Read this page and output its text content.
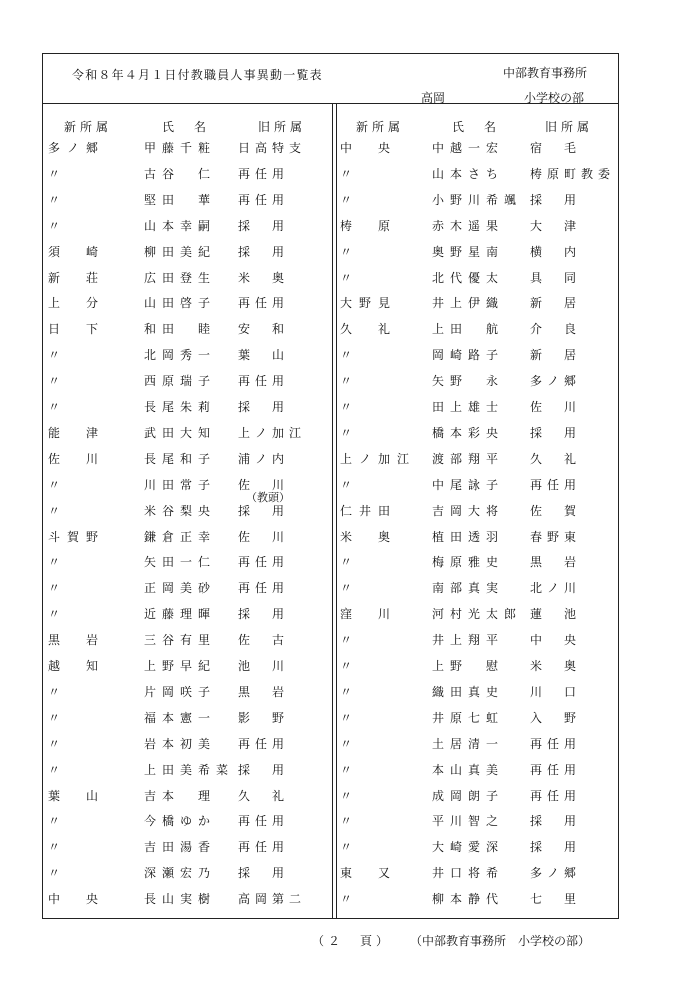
令和８年４月１日付教職員人事異動一覧表	中部教育事務所
高岡	小学校の部
新所属	氏　名	旧所属	新所属	氏　名	旧所属
多ノ郷	甲藤千粧 日高特支
〃	古谷　仁 再任用
〃	堅田　華 再任用
〃	山本幸嗣 採　用
須　崎	柳田美紀 採　用
新　荘	広田登生 米　奥
上　分	山田啓子 再任用
日　下	和田　睦 安　和
〃	北岡秀一 葉　山
〃	西原瑞子 再任用
〃	長尾朱莉 採　用
能　津	武田大知 上ノ加江
佐　川	長尾和子 浦ノ内
〃	川田常子 佐　川
〃	米谷梨央 採　用
斗賀野	鎌倉正幸 佐　川
〃	矢田一仁 再任用
〃	正岡美砂 再任用
〃	近藤理暉 採　用
黒　岩	三谷有里 佐　古
越　知	上野早紀 池　川
〃	片岡咲子 黒　岩
〃	福本憲一 影　野
〃	岩本初美 再任用
〃	上田美希菜 採　用
葉　山	吉本　理 久　礼
〃	今橋ゆか 再任用
〃	吉田湯香 再任用
〃	深瀬宏乃 採　用
中　央	長山実樹 高岡第二
中　央	中越一宏 宿　毛
〃	山本さち 梼原町教委
〃	小野川希颯 採　用
梼　原	赤木遥果 大　津
〃	奥野星南 横　内
〃	北代優太 具　同
大野見	井上伊織 新　居
久　礼	上田　航 介　良
〃	岡崎路子 新　居
〃	矢野　永 多ノ郷
〃	田上雄士 佐　川
〃	橋本彩央 採　用
上ノ加江 渡部翔平 久　礼
〃	中尾詠子 再任用
仁井田	吉岡大将 佐　賀
米　奥	植田透羽 春野東
〃	梅原雅史 黒　岩
〃	南部真実 北ノ川
窪　川	河村光太郎 蓮　池
〃	井上翔平 中　央
〃	上野　慰 米　奥
〃	織田真史 川　口
〃	井原七虹 入　野
〃	土居清一 再任用
〃	本山真美 再任用
〃	成岡朗子 再任用
〃	平川智之 採　用
〃	大崎愛深 採　用
東　又	井口将希 多ノ郷
〃	柳本静代 七　里
（教頭）
（２　頁） （中部教育事務所　小学校の部）
